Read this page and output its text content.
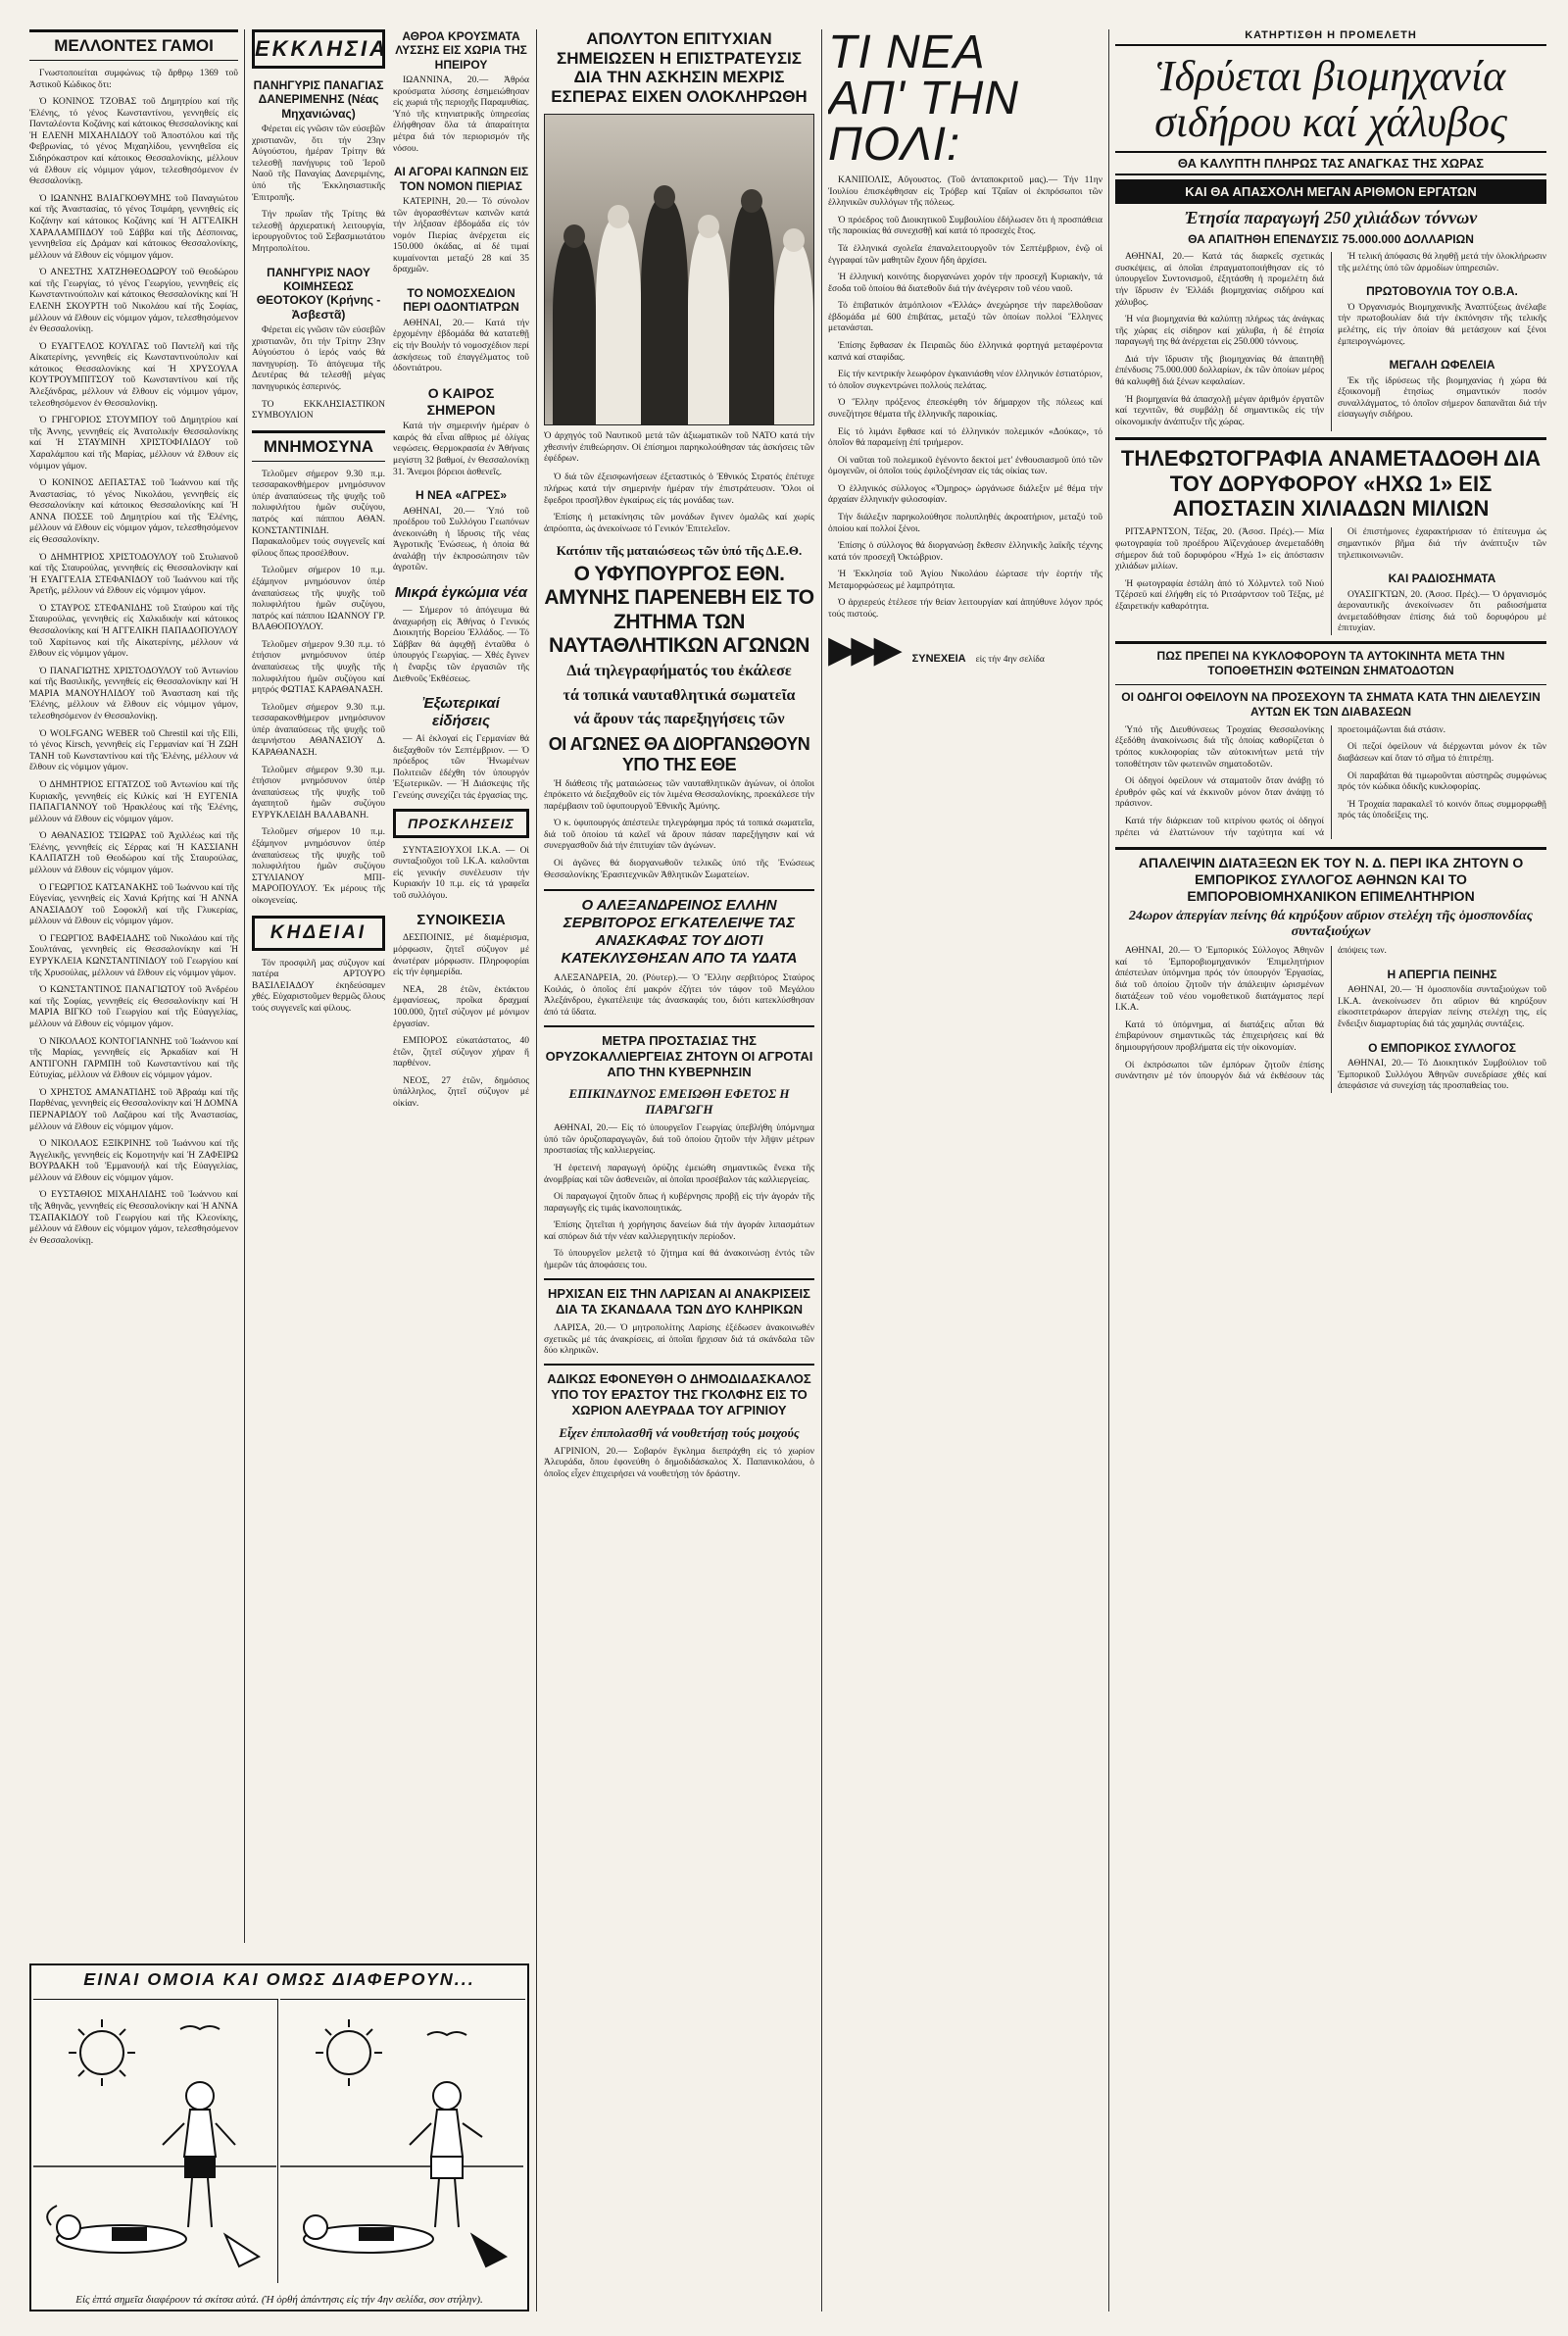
ΜΕΛΛΟΝΤΕΣ ΓΑΜΟΙ
Γνωστοποιείται συμφώνως τῷ ἄρθρῳ 1369 τοῦ Ἀστικοῦ Κώδικος ὅτι:
Ὁ ΚΟΝΙΝΟΣ ΤΖΟΒΑΣ τοῦ Δημητρίου καί τῆς Ἑλένης, τό γένος Κωνσταντίνου, γεννηθείς εἰς Πανταλέοντα Κοζάνης καί κάτοικος Θεσσαλονίκης καί Ἡ ΕΛΕΝΗ ΜΙΧΑΗΛΙΔΟΥ τοῦ Ἀποστόλου καί τῆς Φεβρωνίας, τό γένος Μιχαηλίδου, γεννηθεῖσα εἰς Σιδηρόκαστρον καί κάτοικος Θεσσαλονίκης, μέλλουν νά ἔλθουν εἰς νόμιμον γάμον, τελεσθησόμενον ἐν Θεσσαλονίκῃ.
Ὁ ΙΩΑΝΝΗΣ ΒΛΙΑΓΚΟΘΥΜΗΣ τοῦ Παναγιώτου καί τῆς Ἀναστασίας, τό γένος Τσιμάρη, γεννηθείς εἰς Κοζάνην καί κάτοικος Κοζάνης καί Ἡ ΑΓΓΕΛΙΚΗ ΧΑΡΑΛΑΜΠΙΔΟΥ τοῦ Σάββα καί τῆς Δέσποινας, γεννηθεῖσα εἰς Δράμαν καί κάτοικος Θεσσαλονίκης, μέλλουν νά ἔλθουν εἰς νόμιμον γάμον.
Ὁ ΑΝΕΣΤΗΣ ΧΑΤΖΗΘΕΟΔΩΡΟΥ τοῦ Θεοδώρου καί τῆς Γεωργίας, τό γένος Γεωργίου, γεννηθείς εἰς Κωνσταντινούπολιν καί κάτοικος Θεσσαλονίκης καί Ἡ ΕΛΕΝΗ ΣΚΟΥΡΤΗ τοῦ Νικολάου καί τῆς Σοφίας, μέλλουν νά ἔλθουν εἰς νόμιμον γάμον, τελεσθησόμενον ἐν Θεσσαλονίκῃ.
Ὁ ΕΥΑΓΓΕΛΟΣ ΚΟΥΛΓΑΣ τοῦ Παντελῆ καί τῆς Αἰκατερίνης, γεννηθείς εἰς Κωνσταντινούπολιν καί κάτοικος Θεσσαλονίκης καί Ἡ ΧΡΥΣΟΥΛΑ ΚΟΥΤΡΟΥΜΠΙΤΣΟΥ τοῦ Κωνσταντίνου καί τῆς Ἀλεξάνδρας, μέλλουν νά ἔλθουν εἰς νόμιμον γάμον, τελεσθησόμενον ἐν Θεσσαλονίκῃ.
Ὁ ΓΡΗΓΟΡΙΟΣ ΣΤΟΥΜΠΟΥ τοῦ Δημητρίου καί τῆς Ἀννης, γεννηθείς εἰς Ἀνατολικήν Θεσσαλονίκης καί Ἡ ΣΤΑΥΜΙΝΗ ΧΡΙΣΤΟΦΙΛΙΔΟΥ τοῦ Χαραλάμπου καί τῆς Μαρίας, μέλλουν νά ἔλθουν εἰς νόμιμον γάμον.
Ὁ ΚΟΝΙΝΟΣ ΔΕΠΑΣΤΑΣ τοῦ Ἰωάννου καί τῆς Ἀναστασίας, τό γένος Νικολάου, γεννηθείς εἰς Θεσσαλονίκην καί κάτοικος Θεσσαλονίκης καί Ἡ ΑΝΝΑ ΠΟΣΣΕ τοῦ Δημητρίου καί τῆς Ἑλένης, μέλλουν νά ἔλθουν εἰς νόμιμον γάμον, τελεσθησόμενον εἰς Θεσσαλονίκην.
Ὁ ΔΗΜΗΤΡΙΟΣ ΧΡΙΣΤΟΔΟΥΛΟΥ τοῦ Στυλιανοῦ καί τῆς Σταυρούλας, γεννηθείς εἰς Θεσσαλονίκην καί Ἡ ΕΥΑΓΓΕΛΙΑ ΣΤΕΦΑΝΙΔΟΥ τοῦ Ἰωάννου καί τῆς Ἀρετῆς, μέλλουν νά ἔλθουν εἰς νόμιμον γάμον.
Ὁ ΣΤΑΥΡΟΣ ΣΤΕΦΑΝΙΔΗΣ τοῦ Σταύρου καί τῆς Σταυρούλας, γεννηθείς εἰς Χαλκιδικήν καί κάτοικος Θεσσαλονίκης καί Ἡ ΑΓΓΕΛΙΚΗ ΠΑΠΑΔΟΠΟΥΛΟΥ τοῦ Χαρίτωνος καί τῆς Αἰκατερίνης, μέλλουν νά ἔλθουν εἰς νόμιμον γάμον.
Ὁ ΠΑΝΑΓΙΩΤΗΣ ΧΡΙΣΤΟΔΟΥΛΟΥ τοῦ Ἀντωνίου καί τῆς Βασιλικῆς, γεννηθείς εἰς Θεσσαλονίκην καί Ἡ ΜΑΡΙΑ ΜΑΝΟΥΗΛΙΔΟΥ τοῦ Ἀνασταση καί τῆς Ἑλένης, μέλλουν νά ἔλθουν εἰς νόμιμον γάμον, τελεσθησόμενον ἐν Θεσσαλονίκῃ.
Ὁ WOLFGANG WEBER τοῦ Chrestil καί τῆς Elli, τό γένος Kirsch, γεννηθείς εἰς Γερμανίαν καί Ἡ ΖΩΗ ΤΑΝΗ τοῦ Κωνσταντίνου καί τῆς Ἑλένης, μέλλουν νά ἔλθουν εἰς νόμιμον γάμον.
Ὁ ΔΗΜΗΤΡΙΟΣ ΕΓΓΑΤΖΟΣ τοῦ Ἀντωνίου καί τῆς Κυριακῆς, γεννηθείς εἰς Κιλκίς καί Ἡ ΕΥΓΕΝΙΑ ΠΑΠΑΓΙΑΝΝΟΥ τοῦ Ἡρακλέους καί τῆς Ἑλένης, μέλλουν νά ἔλθουν εἰς νόμιμον γάμον.
Ὁ ΑΘΑΝΑΣΙΟΣ ΤΣΙΩΡΑΣ τοῦ Ἀχιλλέως καί τῆς Ἑλένης, γεννηθείς εἰς Σέρρας καί Ἡ ΚΑΣΣΙΑΝΗ ΚΑΛΠΑΤΖΗ τοῦ Θεοδώρου καί τῆς Σταυρούλας, μέλλουν νά ἔλθουν εἰς νόμιμον γάμον.
Ὁ ΓΕΩΡΓΙΟΣ ΚΑΤΣΑΝΑΚΗΣ τοῦ Ἰωάννου καί τῆς Εὐγενίας, γεννηθείς εἰς Χανιά Κρήτης καί Ἡ ΑΝΝΑ ΑΝΑΣΙΑΔΟΥ τοῦ Σοφοκλῆ καί τῆς Γλυκερίας, μέλλουν νά ἔλθουν εἰς νόμιμον γάμον.
Ὁ ΓΕΩΡΓΙΟΣ ΒΑΦΕΙΑΔΗΣ τοῦ Νικολάου καί τῆς Σουλτάνας, γεννηθείς εἰς Θεσσαλονίκην καί Ἡ ΕΥΡΥΚΛΕΙΑ ΚΩΝΣΤΑΝΤΙΝΙΔΟΥ τοῦ Γεωργίου καί τῆς Χρυσούλας, μέλλουν νά ἔλθουν εἰς νόμιμον γάμον.
Ὁ ΚΩΝΣΤΑΝΤΙΝΟΣ ΠΑΝΑΓΙΩΤΟΥ τοῦ Ἀνδρέου καί τῆς Σοφίας, γεννηθείς εἰς Θεσσαλονίκην καί Ἡ ΜΑΡΙΑ ΒΙΓΚΟ τοῦ Γεωργίου καί τῆς Εὐαγγελίας, μέλλουν νά ἔλθουν εἰς νόμιμον γάμον.
Ὁ ΝΙΚΟΛΑΟΣ ΚΟΝΤΟΓΙΑΝΝΗΣ τοῦ Ἰωάννου καί τῆς Μαρίας, γεννηθείς εἰς Ἀρκαδίαν καί Ἡ ΑΝΤΙΓΟΝΗ ΓΑΡΜΠΗ τοῦ Κωνσταντίνου καί τῆς Εὐτυχίας, μέλλουν νά ἔλθουν εἰς νόμιμον γάμον.
Ὁ ΧΡΗΣΤΟΣ ΑΜΑΝΑΤΙΔΗΣ τοῦ Ἀβραάμ καί τῆς Παρθένας, γεννηθείς εἰς Θεσσαλονίκην καί Ἡ ΔΟΜΝΑ ΠΕΡΝΑΡΙΔΟΥ τοῦ Λαζάρου καί τῆς Ἀναστασίας, μέλλουν νά ἔλθουν εἰς νόμιμον γάμον.
Ὁ ΝΙΚΟΛΑΟΣ ΕΞΙΚΡΙΝΗΣ τοῦ Ἰωάννου καί τῆς Ἀγγελικῆς, γεννηθείς εἰς Κομοτηνήν καί Ἡ ΖΑΦΕΙΡΩ ΒΟΥΡΔΑΚΗ τοῦ Ἐμμανουήλ καί τῆς Εὐαγγελίας, μέλλουν νά ἔλθουν εἰς νόμιμον γάμον.
Ὁ ΕΥΣΤΑΘΙΟΣ ΜΙΧΑΗΛΙΔΗΣ τοῦ Ἰωάννου καί τῆς Ἀθηνᾶς, γεννηθείς εἰς Θεσσαλονίκην καί Ἡ ΑΝΝΑ ΤΣΑΠΑΚΙΔΟΥ τοῦ Γεωργίου καί τῆς Κλεονίκης, μέλλουν νά ἔλθουν εἰς νόμιμον γάμον, τελεσθησόμενον ἐν Θεσσαλονίκῃ.
ΕΚΚΛΗΣΙΑ
ΠΑΝΗΓΥΡΙΣ ΠΑΝΑΓΙΑΣ ΔΑΝΕΡΙΜΕΝΗΣ (Νέας Μηχανιώνας)
Φέρεται εἰς γνῶσιν τῶν εὐσεβῶν χριστιανῶν, ὅτι τήν 23ην Αὐγούστου, ἡμέραν Τρίτην θά τελεσθῇ πανήγυρις τοῦ Ἱεροῦ Ναοῦ τῆς Παναγίας Δανεριμένης, ὑπό τῆς Ἐκκλησιαστικῆς Ἐπιτροπῆς.
Τήν πρωΐαν τῆς Τρίτης θά τελεσθῇ ἀρχιερατική λειτουργία, ἱερουργοῦντος τοῦ Σεβασμιωτάτου Μητροπολίτου.
ΠΑΝΗΓΥΡΙΣ ΝΑΟΥ ΚΟΙΜΗΣΕΩΣ ΘΕΟΤΟΚΟΥ (Κρήνης - Ἀσβεστᾶ)
Φέρεται εἰς γνῶσιν τῶν εὐσεβῶν χριστιανῶν, ὅτι τήν Τρίτην 23ην Αὐγούστου ὁ ἱερός ναός θά πανηγυρίσῃ. Τό ἀπόγευμα τῆς Δευτέρας θά τελεσθῇ μέγας πανηγυρικός ἑσπερινός.
ΤΟ ΕΚΚΛΗΣΙΑΣΤΙΚΟΝ ΣΥΜΒΟΥΛΙΟΝ
ΜΝΗΜΟΣΥΝΑ
Τελοῦμεν σήμερον 9.30 π.μ. τεσσαρακονθήμερον μνημόσυνον ὑπέρ ἀναπαύσεως τῆς ψυχῆς τοῦ πολυφιλήτου ἡμῶν συζύγου, πατρός καί πάππου ΑΘΑΝ. ΚΟΝΣΤΑΝΤΙΝΙΔΗ. Παρακαλοῦμεν τούς συγγενεῖς καί φίλους ὅπως προσέλθουν.
Τελοῦμεν σήμερον 10 π.μ. ἐξάμηνον μνημόσυνον ὑπέρ ἀναπαύσεως τῆς ψυχῆς τοῦ πολυφιλήτου ἡμῶν συζύγου, πατρός καί πάππου ΙΩΑΝΝΟΥ ΓΡ. ΒΛΑΘΟΠΟΥΛΟΥ.
Τελοῦμεν σήμερον 9.30 π.μ. τό ἐτήσιον μνημόσυνον ὑπέρ ἀναπαύσεως τῆς ψυχῆς τῆς πολυφιλήτου ἡμῶν συζύγου καί μητρός ΦΩΤΙΑΣ ΚΑΡΑΘΑΝΑΣΗ.
Τελοῦμεν σήμερον 9.30 π.μ. τεσσαρακονθήμερον μνημόσυνον ὑπέρ ἀναπαύσεως τῆς ψυχῆς τοῦ ἀειμνήστου ΑΘΑΝΑΣΙΟΥ Δ. ΚΑΡΑΘΑΝΑΣΗ.
Τελοῦμεν σήμερον 9.30 π.μ. ἐτήσιον μνημόσυνον ὑπέρ ἀναπαύσεως τῆς ψυχῆς τοῦ ἀγαπητοῦ ἡμῶν συζύγου ΕΥΡΥΚΛΕΙΔΗ ΒΑΛΑΒΑΝΗ.
Τελοῦμεν σήμερον 10 π.μ. ἐξάμηνον μνημόσυνον ὑπέρ ἀναπαύσεως τῆς ψυχῆς τοῦ πολυφιλήτου ἡμῶν συζύγου ΣΤΥΛΙΑΝΟΥ ΜΠΙ-ΜΑΡΟΠΟΥΛΟΥ. Ἐκ μέρους τῆς οἰκογενείας.
ΚΗΔΕΙΑΙ
Τόν προσφιλῆ μας σύζυγον καί πατέρα ΑΡΤΟΥΡΟ ΒΑΣΙΛΕΙΑΔΟΥ ἐκηδεύσαμεν χθές. Εὐχαριστοῦμεν θερμῶς ὅλους τούς συγγενεῖς καί φίλους.
ΑΘΡΟΑ ΚΡΟΥΣΜΑΤΑ ΛΥΣΣΗΣ ΕΙΣ ΧΩΡΙΑ ΤΗΣ ΗΠΕΙΡΟΥ
ΙΩΑΝΝΙΝΑ, 20.— Ἀθρόα κρούσματα λύσσης ἐσημειώθησαν εἰς χωριά τῆς περιοχῆς Παραμυθίας. Ὑπό τῆς κτηνιατρικῆς ὑπηρεσίας ἐλήφθησαν ὅλα τά ἀπαραίτητα μέτρα διά τόν περιορισμόν τῆς νόσου.
ΑΙ ΑΓΟΡΑΙ ΚΑΠΝΩΝ ΕΙΣ ΤΟΝ ΝΟΜΟΝ ΠΙΕΡΙΑΣ
ΚΑΤΕΡΙΝΗ, 20.— Τό σύνολον τῶν ἀγορασθέντων καπνῶν κατά τήν λήξασαν ἑβδομάδα εἰς τόν νομόν Πιερίας ἀνέρχεται εἰς 150.000 ὀκάδας, αἱ δέ τιμαί κυμαίνονται μεταξύ 28 καί 35 δραχμῶν.
ΤΟ ΝΟΜΟΣΧΕΔΙΟΝ ΠΕΡΙ ΟΔΟΝΤΙΑΤΡΩΝ
ΑΘΗΝΑΙ, 20.— Κατά τήν ἐρχομένην ἑβδομάδα θά κατατεθῇ εἰς τήν Βουλήν τό νομοσχέδιον περί ἀσκήσεως τοῦ ἐπαγγέλματος τοῦ ὀδοντιάτρου.
Ο ΚΑΙΡΟΣ ΣΗΜΕΡΟΝ
Κατά τήν σημερινήν ἡμέραν ὁ καιρός θά εἶναι αἴθριος μέ ὀλίγας νεφώσεις. Θερμοκρασία ἐν Ἀθήναις μεγίστη 32 βαθμοί, ἐν Θεσσαλονίκῃ 31. Ἄνεμοι βόρειοι ἀσθενεῖς.
Η ΝΕΑ «ΑΓΡΕΣ»
ΑΘΗΝΑΙ, 20.— Ὑπό τοῦ προέδρου τοῦ Συλλόγου Γεωπόνων ἀνεκοινώθη ἡ ἵδρυσις τῆς νέας Ἀγροτικῆς Ἑνώσεως, ἡ ὁποία θά ἀναλάβῃ τήν ἐκπροσώπησιν τῶν ἀγροτῶν.
Μικρά ἐγκώμια νέα
— Σήμερον τό ἀπόγευμα θά ἀναχωρήσῃ εἰς Ἀθήνας ὁ Γενικός Διοικητής Βορείου Ἑλλάδος. — Τό Σάββαν θά ἀφιχθῇ ἐνταῦθα ὁ ὑπουργός Γεωργίας. — Χθές ἔγινεν ἡ ἔναρξις τῶν ἐργασιῶν τῆς Διεθνοῦς Ἐκθέσεως.
Ἐξωτερικαί εἰδήσεις
— Αἱ ἐκλογαί εἰς Γερμανίαν θά διεξαχθοῦν τόν Σεπτέμβριον. — Ὁ πρόεδρος τῶν Ἡνωμένων Πολιτειῶν ἐδέχθη τόν ὑπουργόν Ἐξωτερικῶν. — Ἡ Διάσκεψις τῆς Γενεύης συνεχίζει τάς ἐργασίας της.
ΠΡΟΣΚΛΗΣΕΙΣ
ΣΥΝΤΑΞΙΟΥΧΟΙ Ι.Κ.Α. — Οἱ συνταξιοῦχοι τοῦ Ι.Κ.Α. καλοῦνται εἰς γενικήν συνέλευσιν τήν Κυριακήν 10 π.μ. εἰς τά γραφεῖα τοῦ συλλόγου.
ΣΥΝΟΙΚΕΣΙΑ
ΔΕΣΠΟΙΝΙΣ, μέ διαμέρισμα, μόρφωσιν, ζητεῖ σύζυγον μέ ἀνωτέραν μόρφωσιν. Πληροφορίαι εἰς τήν ἐφημερίδα.
ΝΕΑ, 28 ἐτῶν, ἐκτάκτου ἐμφανίσεως, προῖκα δραχμαί 100.000, ζητεῖ σύζυγον μέ μόνιμον ἐργασίαν.
ΕΜΠΟΡΟΣ εὐκατάστατος, 40 ἐτῶν, ζητεῖ σύζυγον χήραν ἤ παρθένον.
ΝΕΟΣ, 27 ἐτῶν, δημόσιος ὑπάλληλος, ζητεῖ σύζυγον μέ οἰκίαν.
ΕΙΝΑΙ ΟΜΟΙΑ ΚΑΙ ΟΜΩΣ ΔΙΑΦΕΡΟΥΝ...
Εἰς ἑπτά σημεῖα διαφέρουν τά σκίτσα αὐτά. (Ἡ ὀρθή ἀπάντησις εἰς τήν 4ην σελίδα, σον στήλην).
ΑΠΟΛΥΤΟΝ ΕΠΙΤΥΧΙΑΝ ΣΗΜΕΙΩΣΕΝ Η ΕΠΙΣΤΡΑΤΕΥΣΙΣ ΔΙΑ ΤΗΝ ΑΣΚΗΣΙΝ ΜΕΧΡΙΣ ΕΣΠΕΡΑΣ ΕΙΧΕΝ ΟΛΟΚΛΗΡΩΘΗ
Ὁ ἀρχηγός τοῦ Ναυτικοῦ μετά τῶν ἀξιωματικῶν τοῦ ΝΑΤΟ κατά τήν χθεσινήν ἐπιθεώρησιν. Οἱ ἐπίσημοι παρηκολούθησαν τάς ἀσκήσεις τῶν ἐφέδρων.
Ὁ διά τῶν ἐξεισφωνήσεων ἐξεταστικός ὁ Ἐθνικός Στρατός ἐπέτυχε πλήρως κατά τήν σημερινήν ἡμέραν τήν ἐπιστράτευσιν. Ὅλοι οἱ ἔφεδροι προσῆλθον ἐγκαίρως εἰς τάς μονάδας των.
Ἐπίσης ἡ μετακίνησις τῶν μονάδων ἔγινεν ὁμαλῶς καί χωρίς ἀπρόοπτα, ὡς ἀνεκοίνωσε τό Γενικόν Ἐπιτελεῖον.
Κατόπιν τῆς ματαιώσεως τῶν ὑπό τῆς Δ.Ε.Θ.
Ο ΥΦΥΠΟΥΡΓΟΣ ΕΘΝ. ΑΜΥΝΗΣ ΠΑΡΕΝΕΒΗ ΕΙΣ ΤΟ ΖΗΤΗΜΑ ΤΩΝ ΝΑΥΤΑΘΛΗΤΙΚΩΝ ΑΓΩΝΩΝ
Διά τηλεγραφήματός του ἐκάλεσε
τά τοπικά ναυταθλητικά σωματεῖα
νά ἄρουν τάς παρεξηγήσεις τῶν
ΟΙ ΑΓΩΝΕΣ ΘΑ ΔΙΟΡΓΑΝΩΘΟΥΝ ΥΠΟ ΤΗΣ ΕΘΕ
Ἡ διάθεσις τῆς ματαιώσεως τῶν ναυταθλητικῶν ἀγώνων, οἱ ὁποῖοι ἐπρόκειτο νά διεξαχθοῦν εἰς τόν λιμένα Θεσσαλονίκης, προεκάλεσε τήν παρέμβασιν τοῦ ὑφυπουργοῦ Ἐθνικῆς Ἀμύνης.
Ὁ κ. ὑφυπουργός ἀπέστειλε τηλεγράφημα πρός τά τοπικά σωματεῖα, διά τοῦ ὁποίου τά καλεῖ νά ἄρουν πάσαν παρεξήγησιν καί νά συνεργασθοῦν διά τήν ἐπιτυχίαν τῶν ἀγώνων.
Οἱ ἀγῶνες θά διοργανωθοῦν τελικῶς ὑπό τῆς Ἐνώσεως Θεσσαλονίκης Ἐρασιτεχνικῶν Ἀθλητικῶν Σωματείων.
Ο ΑΛΕΞΑΝΔΡΕΙΝΟΣ ΕΛΛΗΝ ΣΕΡΒΙΤΟΡΟΣ ΕΓΚΑΤΕΛΕΙΨΕ ΤΑΣ ΑΝΑΣΚΑΦΑΣ ΤΟΥ ΔΙΟΤΙ ΚΑΤΕΚΛΥΣΘΗΣΑΝ ΑΠΟ ΤΑ ΥΔΑΤΑ
ΑΛΕΞΑΝΔΡΕΙΑ, 20. (Ρόυτερ).— Ὁ Ἕλλην σερβιτόρος Σταύρος Κοιλάς, ὁ ὁποῖος ἐπί μακρόν ἐζήτει τόν τάφον τοῦ Μεγάλου Ἀλεξάνδρου, ἐγκατέλειψε τάς ἀνασκαφάς του, διότι κατεκλύσθησαν ἀπό τά ὕδατα.
ΜΕΤΡΑ ΠΡΟΣΤΑΣΙΑΣ ΤΗΣ ΟΡΥΖΟΚΑΛΛΙΕΡΓΕΙΑΣ ΖΗΤΟΥΝ ΟΙ ΑΓΡΟΤΑΙ ΑΠΟ ΤΗΝ ΚΥΒΕΡΝΗΣΙΝ
ΕΠΙΚΙΝΔΥΝΟΣ ΕΜΕΙΩΘΗ ΕΦΕΤΟΣ Η ΠΑΡΑΓΩΓΗ
ΑΘΗΝΑΙ, 20.— Εἰς τό ὑπουργεῖον Γεωργίας ὑπεβλήθη ὑπόμνημα ὑπό τῶν ὀρυζοπαραγωγῶν, διά τοῦ ὁποίου ζητοῦν τήν λῆψιν μέτρων προστασίας τῆς καλλιεργείας.
Ἡ ἐφετεινή παραγωγή ὀρύζης ἐμειώθη σημαντικῶς ἕνεκα τῆς ἀνομβρίας καί τῶν ἀσθενειῶν, αἱ ὁποῖαι προσέβαλον τάς καλλιεργείας.
Οἱ παραγωγοί ζητοῦν ὅπως ἡ κυβέρνησις προβῇ εἰς τήν ἀγοράν τῆς παραγωγῆς εἰς τιμάς ἱκανοποιητικάς.
Ἐπίσης ζητεῖται ἡ χορήγησις δανείων διά τήν ἀγοράν λιπασμάτων καί σπόρων διά τήν νέαν καλλιεργητικήν περίοδον.
Τό ὑπουργεῖον μελετᾷ τό ζήτημα καί θά ἀνακοινώσῃ ἐντός τῶν ἡμερῶν τάς ἀποφάσεις του.
ΗΡΧΙΣΑΝ ΕΙΣ ΤΗΝ ΛΑΡΙΣΑΝ ΑΙ ΑΝΑΚΡΙΣΕΙΣ ΔΙΑ ΤΑ ΣΚΑΝΔΑΛΑ ΤΩΝ ΔΥΟ ΚΛΗΡΙΚΩΝ
ΛΑΡΙΣΑ, 20.— Ὁ μητροπολίτης Λαρίσης ἐξέδωσεν ἀνακοινωθέν σχετικῶς μέ τάς ἀνακρίσεις, αἱ ὁποῖαι ἤρχισαν διά τά σκάνδαλα τῶν δύο κληρικῶν.
ΑΔΙΚΩΣ ΕΦΟΝΕΥΘΗ Ο ΔΗΜΟΔΙΔΑΣΚΑΛΟΣ ΥΠΟ ΤΟΥ ΕΡΑΣΤΟΥ ΤΗΣ ΓΚΟΛΦΗΣ ΕΙΣ ΤΟ ΧΩΡΙΟΝ ΑΛΕΥΡΑΔΑ ΤΟΥ ΑΓΡΙΝΙΟΥ
Εἶχεν ἐπιπολασθῆ νά νουθετήσῃ τούς μοιχούς
ΑΓΡΙΝΙΟΝ, 20.— Σοβαρόν ἔγκλημα διεπράχθη εἰς τό χωρίον Ἀλευράδα, ὅπου ἐφονεύθη ὁ δημοδιδάσκαλος Χ. Παπανικολάου, ὁ ὁποῖος εἶχεν ἐπιχειρήσει νά νουθετήσῃ τόν δράστην.
ΤΙ ΝΕΑ
ΑΠ' ΤΗΝ
ΠΟΛΙ:
ΚΑΝΙΠΟΛΙΣ, Αὔγουστος. (Τοῦ ἀνταποκριτοῦ μας).— Τήν 11ην Ἰουλίου ἐπισκέφθησαν εἰς Τρόβερ καί Τζαΐαν οἱ ἐκπρόσωποι τῶν ἑλληνικῶν συλλόγων τῆς πόλεως.
Ὁ πρόεδρος τοῦ Διοικητικοῦ Συμβουλίου ἐδήλωσεν ὅτι ἡ προσπάθεια τῆς παροικίας θά συνεχισθῇ καί κατά τό προσεχές ἔτος.
Τά ἑλληνικά σχολεῖα ἐπαναλειτουργοῦν τόν Σεπτέμβριον, ἐνῷ οἱ ἐγγραφαί τῶν μαθητῶν ἔχουν ἤδη ἀρχίσει.
Ἡ ἑλληνική κοινότης διοργανώνει χορόν τήν προσεχῆ Κυριακήν, τά ἔσοδα τοῦ ὁποίου θά διατεθοῦν διά τήν ἀνέγερσιν τοῦ νέου ναοῦ.
Τό ἐπιβατικόν ἀτμόπλοιον «Ἑλλάς» ἀνεχώρησε τήν παρελθοῦσαν ἑβδομάδα μέ 600 ἐπιβάτας, μεταξύ τῶν ὁποίων πολλοί Ἕλληνες μετανάσται.
Ἐπίσης ἔφθασαν ἐκ Πειραιῶς δύο ἑλληνικά φορτηγά μεταφέροντα καπνά καί σταφίδας.
Εἰς τήν κεντρικήν λεωφόρον ἐγκαινιάσθη νέον ἑλληνικόν ἑστιατόριον, τό ὁποῖον συγκεντρώνει πολλούς πελάτας.
Ὁ Ἕλλην πρόξενος ἐπεσκέφθη τόν δήμαρχον τῆς πόλεως καί συνεζήτησε θέματα τῆς ἑλληνικῆς παροικίας.
Εἰς τό λιμάνι ἔφθασε καί τό ἑλληνικόν πολεμικόν «Δούκας», τό ὁποῖον θά παραμείνῃ ἐπί τριήμερον.
Οἱ ναῦται τοῦ πολεμικοῦ ἐγένοντο δεκτοί μετ' ἐνθουσιασμοῦ ὑπό τῶν ὁμογενῶν, οἱ ὁποῖοι τούς ἐφιλοξένησαν εἰς τάς οἰκίας των.
Ὁ ἑλληνικός σύλλογος «Ὅμηρος» ὠργάνωσε διάλεξιν μέ θέμα τήν ἀρχαίαν ἑλληνικήν φιλοσοφίαν.
Τήν διάλεξιν παρηκολούθησε πολυπληθές ἀκροατήριον, μεταξύ τοῦ ὁποίου καί πολλοί ξένοι.
Ἐπίσης ὁ σύλλογος θά διοργανώσῃ ἔκθεσιν ἑλληνικῆς λαϊκῆς τέχνης κατά τόν προσεχῆ Ὀκτώβριον.
Ἡ Ἐκκλησία τοῦ Ἁγίου Νικολάου ἐώρτασε τήν ἑορτήν τῆς Μεταμορφώσεως μέ λαμπρότητα.
Ὁ ἀρχιερεύς ἐτέλεσε τήν θείαν λειτουργίαν καί ἀπηύθυνε λόγον πρός τούς πιστούς.
▶▶▶ ΣΥΝΕΧΕΙΑ εἰς τήν 4ην σελίδα
ΚΑΤΗΡΤΙΣΘΗ Η ΠΡΟΜΕΛΕΤΗ
Ἱδρύεται βιομηχανία
σιδήρου καί χάλυβος
ΘΑ ΚΑΛΥΠΤΗ ΠΛΗΡΩΣ ΤΑΣ ΑΝΑΓΚΑΣ ΤΗΣ ΧΩΡΑΣ
ΚΑΙ ΘΑ ΑΠΑΣΧΟΛΗ ΜΕΓΑΝ ΑΡΙΘΜΟΝ ΕΡΓΑΤΩΝ
Ἐτησία παραγωγή 250 χιλιάδων τόννων
ΘΑ ΑΠΑΙΤΗΘΗ ΕΠΕΝΔΥΣΙΣ 75.000.000 ΔΟΛΛΑΡΙΩΝ
ΑΘΗΝΑΙ, 20.— Κατά τάς διαρκεῖς σχετικάς συσκέψεις, αἱ ὁποῖαι ἐπραγματοποιήθησαν εἰς τό ὑπουργεῖον Συντονισμοῦ, ἐξητάσθη ἡ προμελέτη διά τήν ἵδρυσιν ἐν Ἑλλάδι βιομηχανίας σιδήρου καί χάλυβος.
Ἡ νέα βιομηχανία θά καλύπτῃ πλήρως τάς ἀνάγκας τῆς χώρας εἰς σίδηρον καί χάλυβα, ἡ δέ ἐτησία παραγωγή της θά ἀνέρχεται εἰς 250.000 τόννους.
Διά τήν ἵδρυσιν τῆς βιομηχανίας θά ἀπαιτηθῇ ἐπένδυσις 75.000.000 δολλαρίων, ἐκ τῶν ὁποίων μέρος θά καλυφθῇ διά ξένων κεφαλαίων.
Ἡ βιομηχανία θά ἀπασχολῇ μέγαν ἀριθμόν ἐργατῶν καί τεχνιτῶν, θά συμβάλῃ δέ σημαντικῶς εἰς τήν οἰκονομικήν ἀνάπτυξιν τῆς χώρας.
Ἡ τελική ἀπόφασις θά ληφθῇ μετά τήν ὁλοκλήρωσιν τῆς μελέτης ὑπό τῶν ἁρμοδίων ὑπηρεσιῶν.
ΠΡΩΤΟΒΟΥΛΙΑ ΤΟΥ Ο.Β.Α.
Ὁ Ὀργανισμός Βιομηχανικῆς Ἀναπτύξεως ἀνέλαβε τήν πρωτοβουλίαν διά τήν ἐκπόνησιν τῆς τελικῆς μελέτης, εἰς τήν ὁποίαν θά μετάσχουν καί ξένοι ἐμπειρογνώμονες.
ΜΕΓΑΛΗ ΩΦΕΛΕΙΑ
Ἐκ τῆς ἱδρύσεως τῆς βιομηχανίας ἡ χώρα θά ἐξοικονομῇ ἐτησίως σημαντικόν ποσόν συναλλάγματος, τό ὁποῖον σήμερον δαπανᾶται διά τήν εἰσαγωγήν σιδήρου.
ΤΗΛΕΦΩΤΟΓΡΑΦΙΑ ΑΝΑΜΕΤΑΔΟΘΗ ΔΙΑ ΤΟΥ ΔΟΡΥΦΟΡΟΥ «ΗΧΩ 1» ΕΙΣ ΑΠΟΣΤΑΣΙΝ ΧΙΛΙΑΔΩΝ ΜΙΛΙΩΝ
ΡΙΤΣΑΡΝΤΣΟΝ, Τέξας, 20. (Ἀσοσ. Πρές).— Μία φωτογραφία τοῦ προέδρου Ἀϊζενχάουερ ἀνεμεταδόθη σήμερον διά τοῦ δορυφόρου «Ἠχώ 1» εἰς ἀπόστασιν χιλιάδων μιλίων.
Ἡ φωτογραφία ἐστάλη ἀπό τό Χόλμντελ τοῦ Νιού Τζέρσεϋ καί ἐλήφθη εἰς τό Ριτσάρντσον τοῦ Τέξας, μέ ἐξαιρετικήν καθαρότητα.
Οἱ ἐπιστήμονες ἐχαρακτήρισαν τό ἐπίτευγμα ὡς σημαντικόν βῆμα διά τήν ἀνάπτυξιν τῶν τηλεπικοινωνιῶν.
ΚΑΙ ΡΑΔΙΟΣΗΜΑΤΑ
ΟΥΑΣΙΓΚΤΩΝ, 20. (Ἀσοσ. Πρές).— Ὁ ὀργανισμός ἀεροναυτικῆς ἀνεκοίνωσεν ὅτι ραδιοσήματα ἀνεμεταδόθησαν ἐπίσης διά τοῦ δορυφόρου μέ ἐπιτυχίαν.
ΠΩΣ ΠΡΕΠΕΙ ΝΑ ΚΥΚΛΟΦΟΡΟΥΝ ΤΑ ΑΥΤΟΚΙΝΗΤΑ ΜΕΤΑ ΤΗΝ ΤΟΠΟΘΕΤΗΣΙΝ ΦΩΤΕΙΝΩΝ ΣΗΜΑΤΟΔΟΤΩΝ
ΟΙ ΟΔΗΓΟΙ ΟΦΕΙΛΟΥΝ ΝΑ ΠΡΟΣΕΧΟΥΝ ΤΑ ΣΗΜΑΤΑ ΚΑΤΑ ΤΗΝ ΔΙΕΛΕΥΣΙΝ ΑΥΤΩΝ ΕΚ ΤΩΝ ΔΙΑΒΑΣΕΩΝ
Ὑπό τῆς Διευθύνσεως Τροχαίας Θεσσαλονίκης ἐξεδόθη ἀνακοίνωσις διά τῆς ὁποίας καθορίζεται ὁ τρόπος κυκλοφορίας τῶν αὐτοκινήτων μετά τήν τοποθέτησιν τῶν φωτεινῶν σηματοδοτῶν.
Οἱ ὁδηγοί ὀφείλουν νά σταματοῦν ὅταν ἀνάβῃ τό ἐρυθρόν φῶς καί νά ἐκκινοῦν μόνον ὅταν ἀνάψῃ τό πράσινον.
Κατά τήν διάρκειαν τοῦ κιτρίνου φωτός οἱ ὁδηγοί πρέπει νά ἐλαττώνουν τήν ταχύτητα καί νά προετοιμάζωνται διά στάσιν.
Οἱ πεζοί ὀφείλουν νά διέρχωνται μόνον ἐκ τῶν διαβάσεων καί ὅταν τό σῆμα τό ἐπιτρέπῃ.
Οἱ παραβάται θά τιμωροῦνται αὐστηρῶς συμφώνως πρός τόν κώδικα ὁδικῆς κυκλοφορίας.
Ἡ Τροχαία παρακαλεῖ τό κοινόν ὅπως συμμορφωθῇ πρός τάς ὑποδείξεις της.
ΑΠΑΛΕΙΨΙΝ ΔΙΑΤΑΞΕΩΝ ΕΚ ΤΟΥ Ν. Δ. ΠΕΡΙ ΙΚΑ ΖΗΤΟΥΝ Ο ΕΜΠΟΡΙΚΟΣ ΣΥΛΛΟΓΟΣ ΑΘΗΝΩΝ ΚΑΙ ΤΟ ΕΜΠΟΡΟΒΙΟΜΗΧΑΝΙΚΟΝ ΕΠΙΜΕΛΗΤΗΡΙΟΝ
24ωρον ἀπεργίαν πείνης θά κηρύξουν αὔριον στελέχη τῆς ὁμοσπονδίας συνταξιούχων
ΑΘΗΝΑΙ, 20.— Ὁ Ἐμπορικός Σύλλογος Ἀθηνῶν καί τό Ἐμποροβιομηχανικόν Ἐπιμελητήριον ἀπέστειλαν ὑπόμνημα πρός τόν ὑπουργόν Ἐργασίας, διά τοῦ ὁποίου ζητοῦν τήν ἀπάλειψιν ὡρισμένων διατάξεων τοῦ νέου νομοθετικοῦ διατάγματος περί Ι.Κ.Α.
Κατά τό ὑπόμνημα, αἱ διατάξεις αὗται θά ἐπιβαρύνουν σημαντικῶς τάς ἐπιχειρήσεις καί θά δημιουργήσουν προβλήματα εἰς τήν οἰκονομίαν.
Οἱ ἐκπρόσωποι τῶν ἐμπόρων ζητοῦν ἐπίσης συνάντησιν μέ τόν ὑπουργόν διά νά ἐκθέσουν τάς ἀπόψεις των.
Η ΑΠΕΡΓΙΑ ΠΕΙΝΗΣ
ΑΘΗΝΑΙ, 20.— Ἡ ὁμοσπονδία συνταξιούχων τοῦ Ι.Κ.Α. ἀνεκοίνωσεν ὅτι αὔριον θά κηρύξουν εἰκοσιτετράωρον ἀπεργίαν πείνης στελέχη της, εἰς ἔνδειξιν διαμαρτυρίας διά τάς χαμηλάς συντάξεις.
Ο ΕΜΠΟΡΙΚΟΣ ΣΥΛΛΟΓΟΣ
ΑΘΗΝΑΙ, 20.— Τό Διοικητικόν Συμβούλιον τοῦ Ἐμπορικοῦ Συλλόγου Ἀθηνῶν συνεδρίασε χθές καί ἀπεφάσισε νά συνεχίσῃ τάς προσπαθείας του.
